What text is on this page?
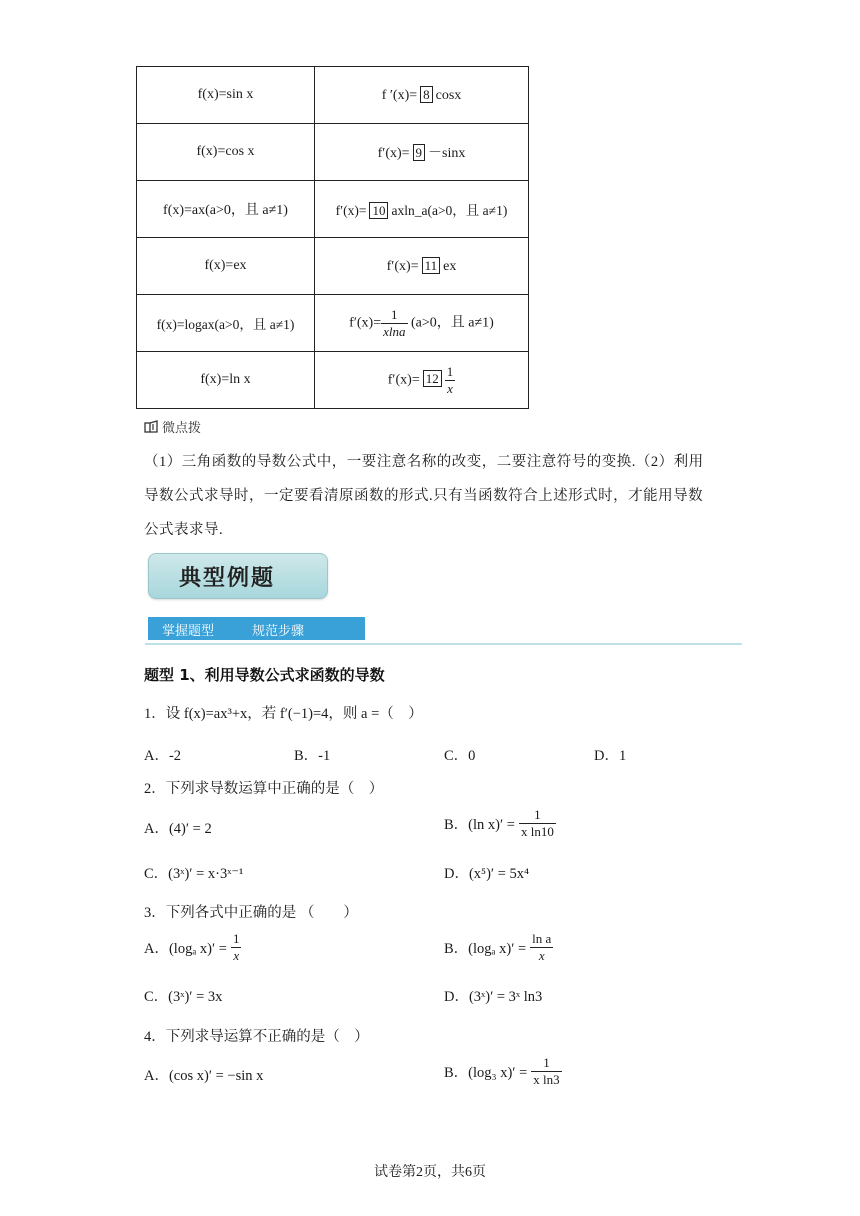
f(x)=sin x	f ′(x)= 8 cosx
f(x)=cos x	f′(x)= 9 －sinx
f(x)=ax(a>0，且 a≠1)	f′(x)= 10 axln_a(a>0，且 a≠1)
f(x)=ex	f′(x)= 11 ex
f(x)=logax(a>0，且 a≠1)	$f'(x)= \frac{1}{xlna} (a>0$，且 a≠1)
f(x)=ln x	$f'(x)= 12 \frac{1}{x}$
微点拨
（1）三角函数的导数公式中，一要注意名称的改变，二要注意符号的变换.（2）利用
导数公式求导时，一定要看清原函数的形式.只有当函数符合上述形式时，才能用导数
公式表求导.
典型例题
掌握题型	规范步骤
题型 1、利用导数公式求函数的导数
1．设 f(x)=ax³+x，若 f′(−1)=4，则 a =（　）
A．-2	B．-1	C．0	D．1
2．下列求导数运算中正确的是（　）
A．(4)′ = 2	B．(ln $x)' = \frac{1}{\text{x ln10}}$
C．(3ˣ)′ = x·3ˣ⁻¹	D．(x⁵)′ = 5x⁴
3．下列各式中正确的是 （　　）
A．(logₐ $x)' = \frac{1}{x}$	B．(logₐ $x)' = \frac{\text{ln a}}{x}$
C．(3ˣ)′ = 3x	D．(3ˣ)′ = 3ˣ ln3
4．下列求导运算不正确的是（　）
A．(cos x)′ = −sin x	B．(log₃ $x)' = \frac{1}{\text{x ln3}}$
试卷第2页，共6页
